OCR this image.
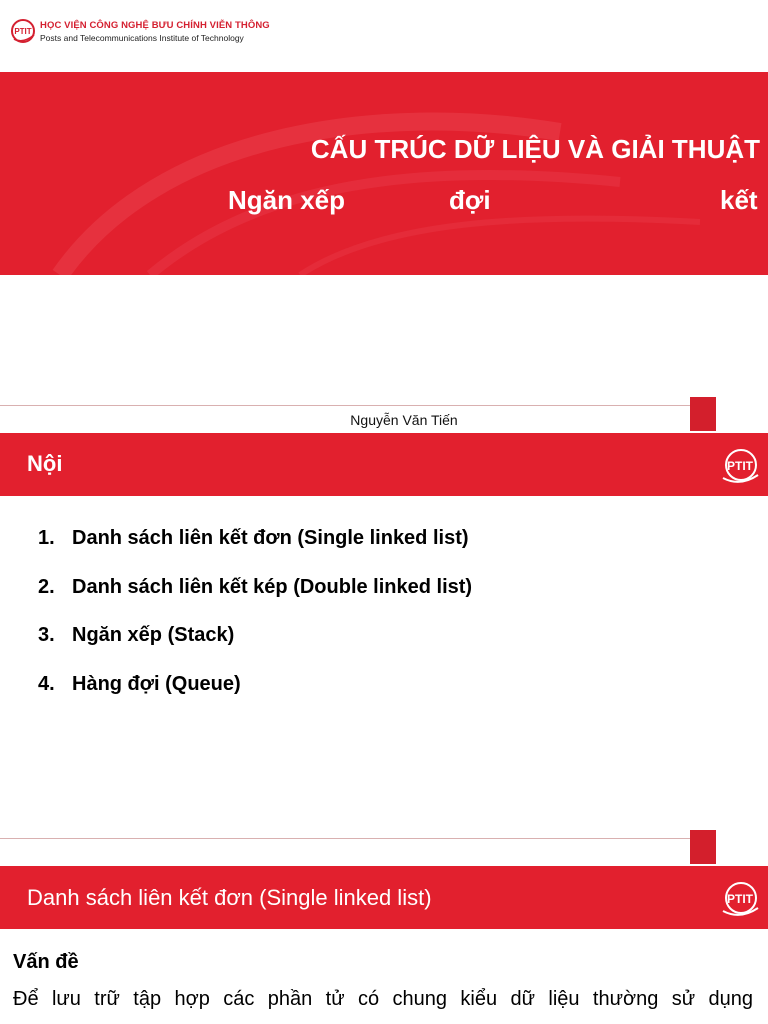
PTIT
HỌC VIỆN CÔNG NGHỆ BƯU CHÍNH VIỄN THÔNG
Posts and Telecommunications Institute of Technology
CẤU TRÚC DỮ LIỆU VÀ GIẢI THUẬT
Ngăn xếp	đợi	kết
Nguyễn Văn Tiến
Nội	PTIT
1. Danh sách liên kết đơn (Single linked list)
2. Danh sách liên kết kép (Double linked list)
3. Ngăn xếp (Stack)
4. Hàng đợi (Queue)
Danh sách liên kết đơn (Single linked list)	PTIT
Vấn đề
Để lưu trữ tập hợp các phần tử có chung kiểu dữ liệu thường sử dụng
